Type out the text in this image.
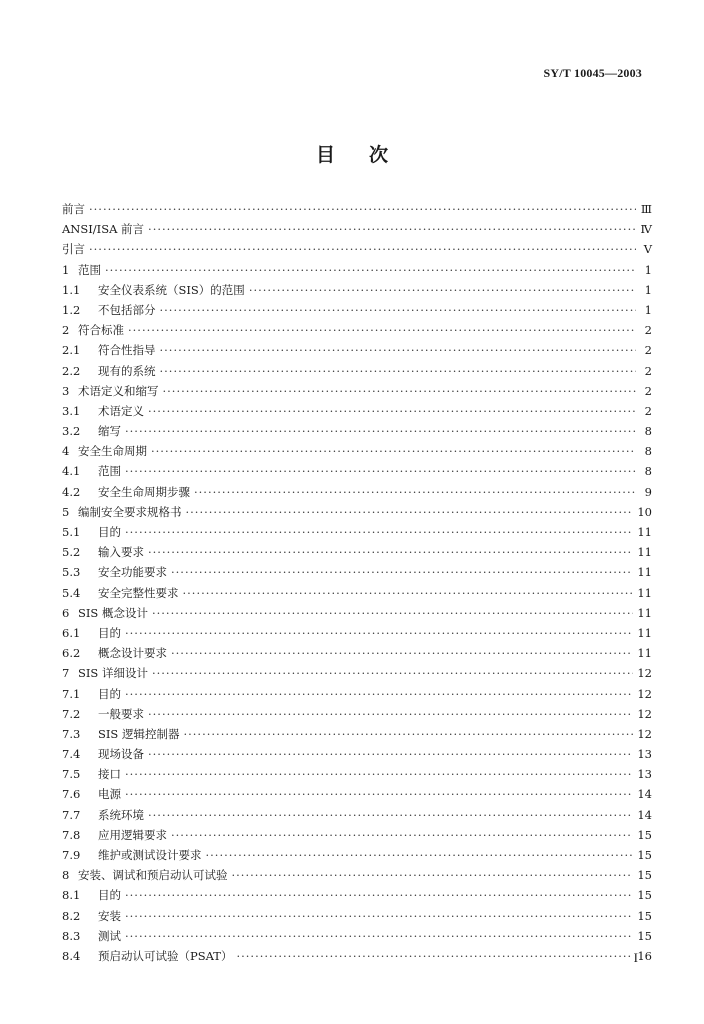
SY/T 10045—2003
目 次
前言 ·····	Ⅲ
ANSI/ISA 前言 ·····	Ⅳ
引言 ·····	Ⅴ
1 范围 ·····	1
1.1	安全仪表系统（SIS）的范围 ·····	1
1.2	不包括部分 ·····	1
2 符合标准 ·····	2
2.1	符合性指导 ·····	2
2.2	现有的系统 ·····	2
3 术语定义和缩写 ·····	2
3.1	术语定义 ·····	2
3.2	缩写 ·····	8
4 安全生命周期 ·····	8
4.1	范围 ·····	8
4.2	安全生命周期步骤 ·····	9
5 编制安全要求规格书 ·····	10
5.1	目的 ·····	11
5.2	输入要求 ·····	11
5.3	安全功能要求 ·····	11
5.4	安全完整性要求 ·····	11
6 SIS 概念设计 ·····	11
6.1	目的 ·····	11
6.2	概念设计要求 ·····	11
7 SIS 详细设计 ·····	12
7.1	目的 ·····	12
7.2	一般要求 ·····	12
7.3	SIS 逻辑控制器 ·····	12
7.4	现场设备 ·····	13
7.5	接口 ·····	13
7.6	电源 ·····	14
7.7	系统环境 ·····	14
7.8	应用逻辑要求 ·····	15
7.9	维护或测试设计要求 ·····	15
8 安装、调试和预启动认可试验 ·····	15
8.1	目的 ·····	15
8.2	安装 ·····	15
8.3	测试 ·····	15
8.4	预启动认可试验（PSAT） ·····	16
I
